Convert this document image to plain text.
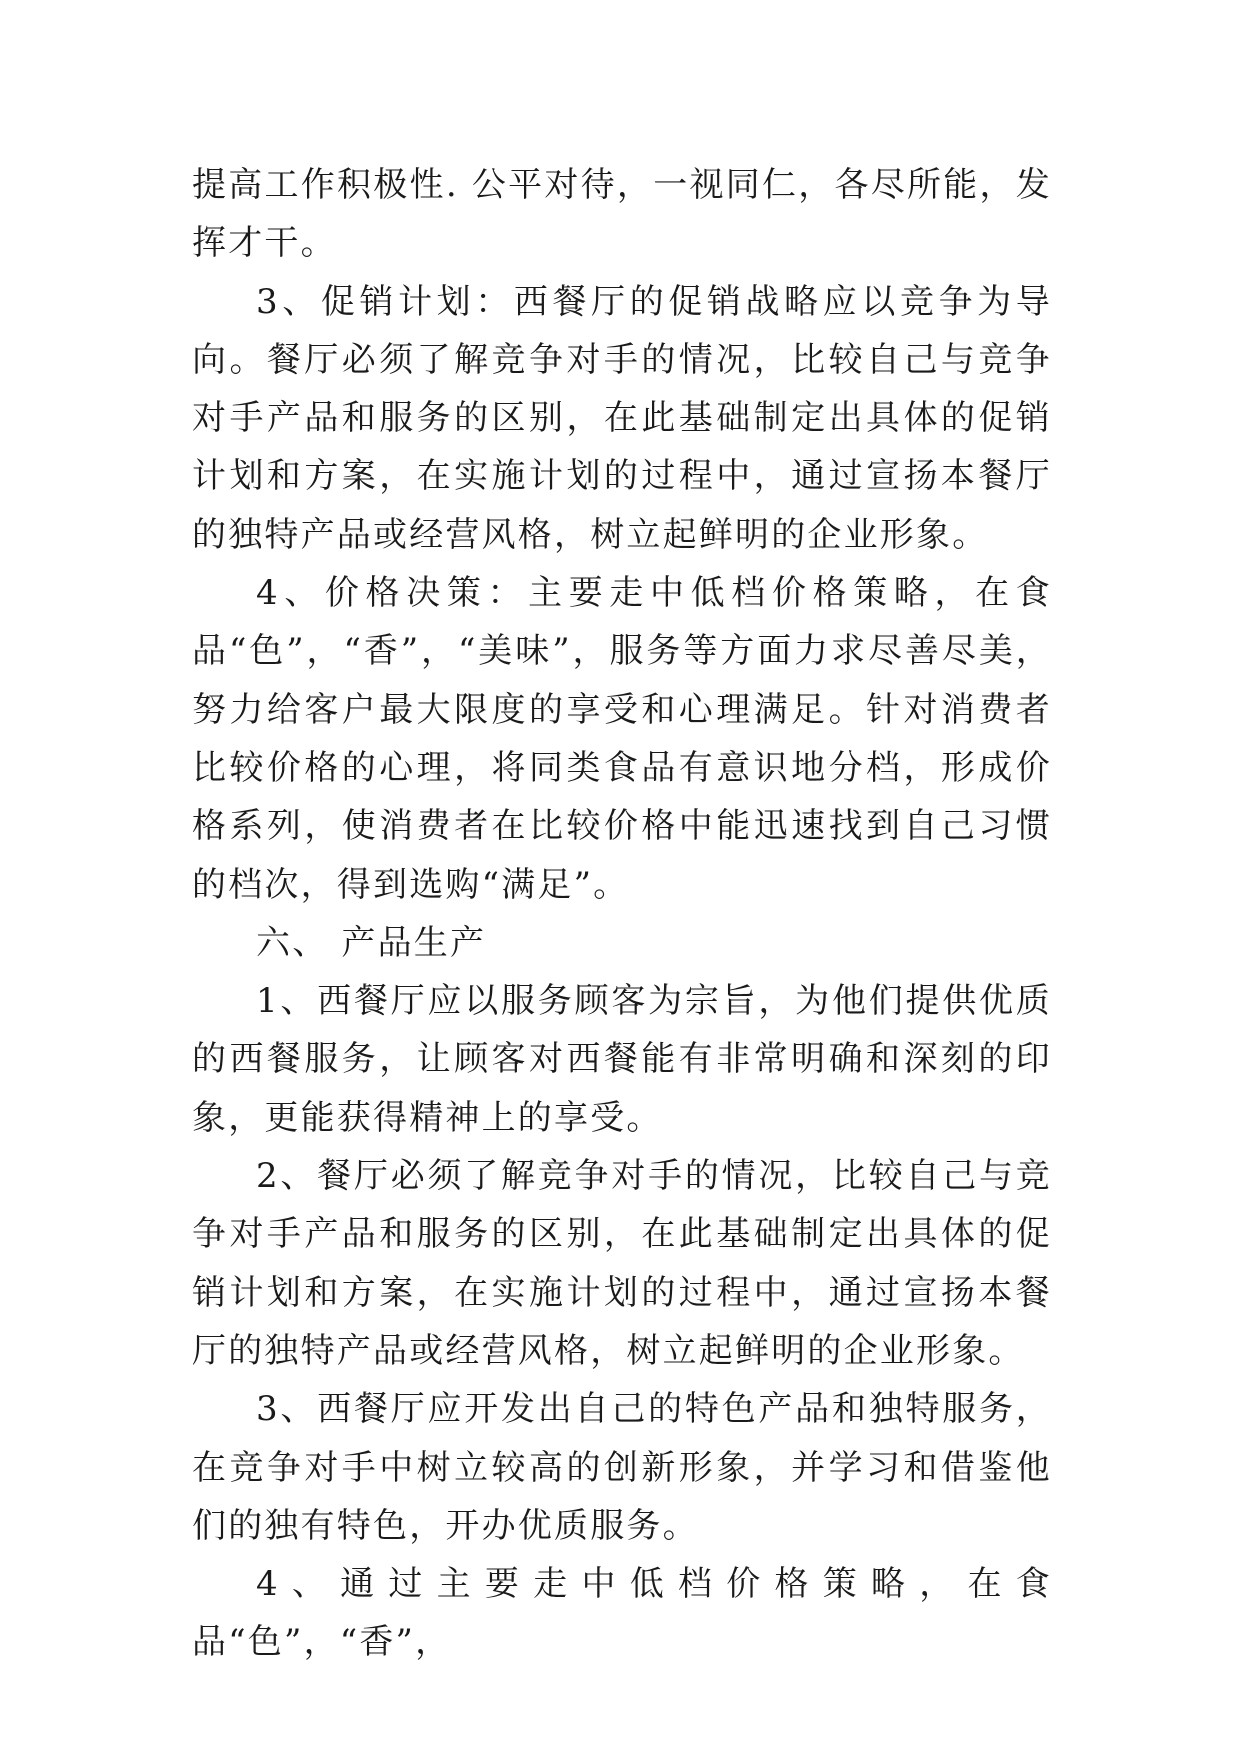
提高工作积极性. 公平对待，一视同仁，各尽所能，发挥才干。

3、促销计划：西餐厅的促销战略应以竞争为导向。餐厅必须了解竞争对手的情况，比较自己与竞争对手产品和服务的区别，在此基础制定出具体的促销计划和方案，在实施计划的过程中，通过宣扬本餐厅的独特产品或经营风格，树立起鲜明的企业形象。

4、价格决策：主要走中低档价格策略，在食品“色”，“香”，“美味”，服务等方面力求尽善尽美，努力给客户最大限度的享受和心理满足。针对消费者比较价格的心理，将同类食品有意识地分档，形成价格系列，使消费者在比较价格中能迅速找到自己习惯的档次，得到选购“满足”。

六、 产品生产

1、西餐厅应以服务顾客为宗旨，为他们提供优质的西餐服务，让顾客对西餐能有非常明确和深刻的印象，更能获得精神上的享受。

2、餐厅必须了解竞争对手的情况，比较自己与竞争对手产品和服务的区别，在此基础制定出具体的促销计划和方案，在实施计划的过程中，通过宣扬本餐厅的独特产品或经营风格，树立起鲜明的企业形象。

3、西餐厅应开发出自己的特色产品和独特服务，在竞争对手中树立较高的创新形象，并学习和借鉴他们的独有特色，开办优质服务。

4、通过主要走中低档价格策略，在食品“色”，“香”，
